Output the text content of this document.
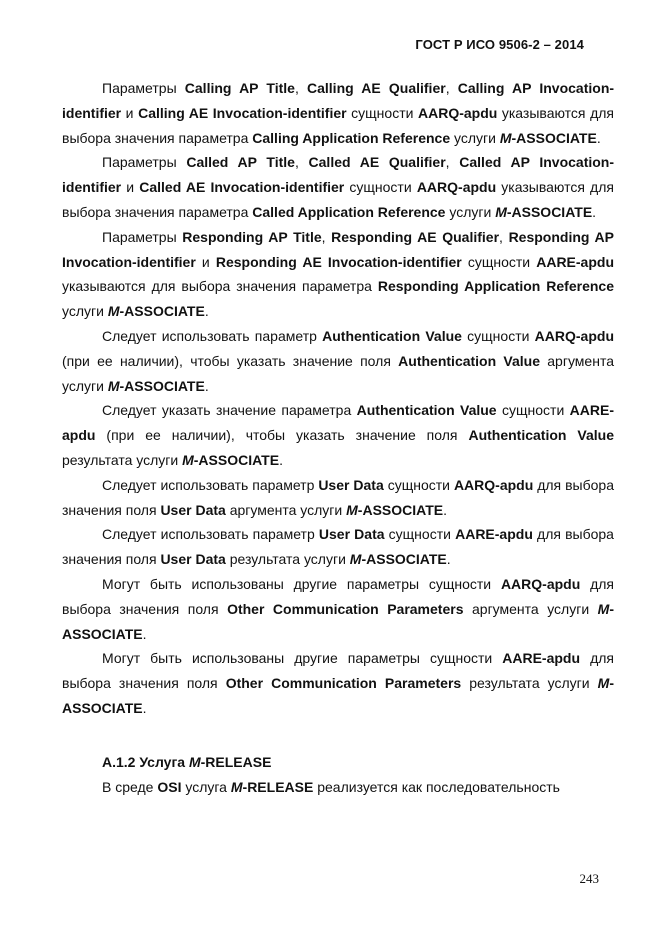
ГОСТ Р ИСО 9506-2 – 2014

Параметры Calling AP Title, Calling AE Qualifier, Calling AP Invocation-identifier и Calling AE Invocation-identifier сущности AARQ-apdu указываются для выбора значения параметра Calling Application Reference услуги M-ASSOCIATE.

Параметры Called AP Title, Called AE Qualifier, Called AP Invocation-identifier и Called AE Invocation-identifier сущности AARQ-apdu указываются для выбора значения параметра Called Application Reference услуги M-ASSOCIATE.

Параметры Responding AP Title, Responding AE Qualifier, Responding AP Invocation-identifier и Responding AE Invocation-identifier сущности AARE-apdu указываются для выбора значения параметра Responding Application Reference услуги M-ASSOCIATE.

Следует использовать параметр Authentication Value сущности AARQ-apdu (при ее наличии), чтобы указать значение поля Authentication Value аргумента услуги M-ASSOCIATE.

Следует указать значение параметра Authentication Value сущности AARE-apdu (при ее наличии), чтобы указать значение поля Authentication Value результата услуги M-ASSOCIATE.

Следует использовать параметр User Data сущности AARQ-apdu для выбора значения поля User Data аргумента услуги M-ASSOCIATE.

Следует использовать параметр User Data сущности AARE-apdu для выбора значения поля User Data результата услуги M-ASSOCIATE.

Могут быть использованы другие параметры сущности AARQ-apdu для выбора значения поля Other Communication Parameters аргумента услуги M-ASSOCIATE.

Могут быть использованы другие параметры сущности AARE-apdu для выбора значения поля Other Communication Parameters результата услуги M-ASSOCIATE.

А.1.2 Услуга M-RELEASE

В среде OSI услуга M-RELEASE реализуется как последовательность

243
